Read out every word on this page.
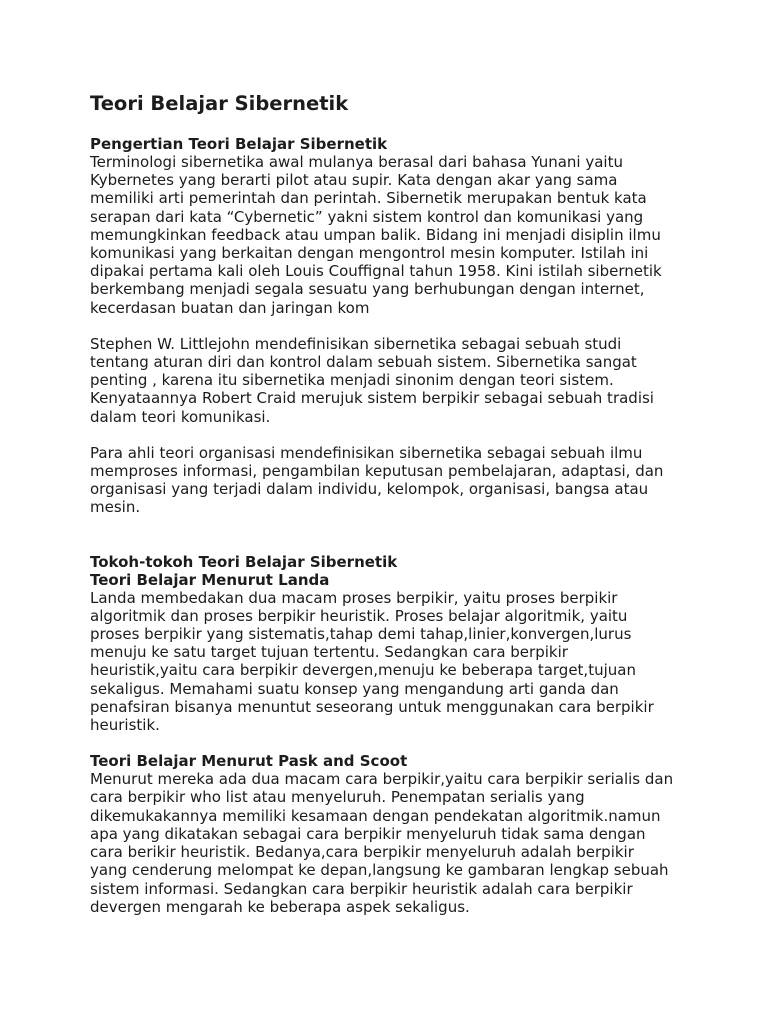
Teori Belajar Sibernetik
Pengertian Teori Belajar Sibernetik

Terminologi sibernetika awal mulanya berasal dari bahasa Yunani yaitu
Kybernetes yang berarti pilot atau supir. Kata dengan akar yang sama
memiliki arti pemerintah dan perintah. Sibernetik merupakan bentuk kata
serapan dari kata “Cybernetic” yakni sistem kontrol dan komunikasi yang
memungkinkan feedback atau umpan balik. Bidang ini menjadi disiplin ilmu
komunikasi yang berkaitan dengan mengontrol mesin komputer. Istilah ini
dipakai pertama kali oleh Louis Couffignal tahun 1958. Kini istilah sibernetik
berkembang menjadi segala sesuatu yang berhubungan dengan internet,
kecerdasan buatan dan jaringan kom

Stephen W. Littlejohn mendefinisikan sibernetika sebagai sebuah studi
tentang aturan diri dan kontrol dalam sebuah sistem. Sibernetika sangat
penting , karena itu sibernetika menjadi sinonim dengan teori sistem.
Kenyataannya Robert Craid merujuk sistem berpikir sebagai sebuah tradisi
dalam teori komunikasi.

Para ahli teori organisasi mendefinisikan sibernetika sebagai sebuah ilmu
memproses informasi, pengambilan keputusan pembelajaran, adaptasi, dan
organisasi yang terjadi dalam individu, kelompok, organisasi, bangsa atau
mesin.

Tokoh-tokoh Teori Belajar Sibernetik
Teori Belajar Menurut Landa

Landa membedakan dua macam proses berpikir, yaitu proses berpikir
algoritmik dan proses berpikir heuristik. Proses belajar algoritmik, yaitu
proses berpikir yang sistematis,tahap demi tahap,linier,konvergen,lurus
menuju ke satu target tujuan tertentu. Sedangkan cara berpikir
heuristik,yaitu cara berpikir devergen,menuju ke beberapa target,tujuan
sekaligus. Memahami suatu konsep yang mengandung arti ganda dan
penafsiran bisanya menuntut seseorang untuk menggunakan cara berpikir
heuristik.

Teori Belajar Menurut Pask and Scoot

Menurut mereka ada dua macam cara berpikir,yaitu cara berpikir serialis dan
cara berpikir who list atau menyeluruh. Penempatan serialis yang
dikemukakannya memiliki kesamaan dengan pendekatan algoritmik.namun
apa yang dikatakan sebagai cara berpikir menyeluruh tidak sama dengan
cara berikir heuristik. Bedanya,cara berpikir menyeluruh adalah berpikir
yang cenderung melompat ke depan,langsung ke gambaran lengkap sebuah
sistem informasi. Sedangkan cara berpikir heuristik adalah cara berpikir
devergen mengarah ke beberapa aspek sekaligus.
